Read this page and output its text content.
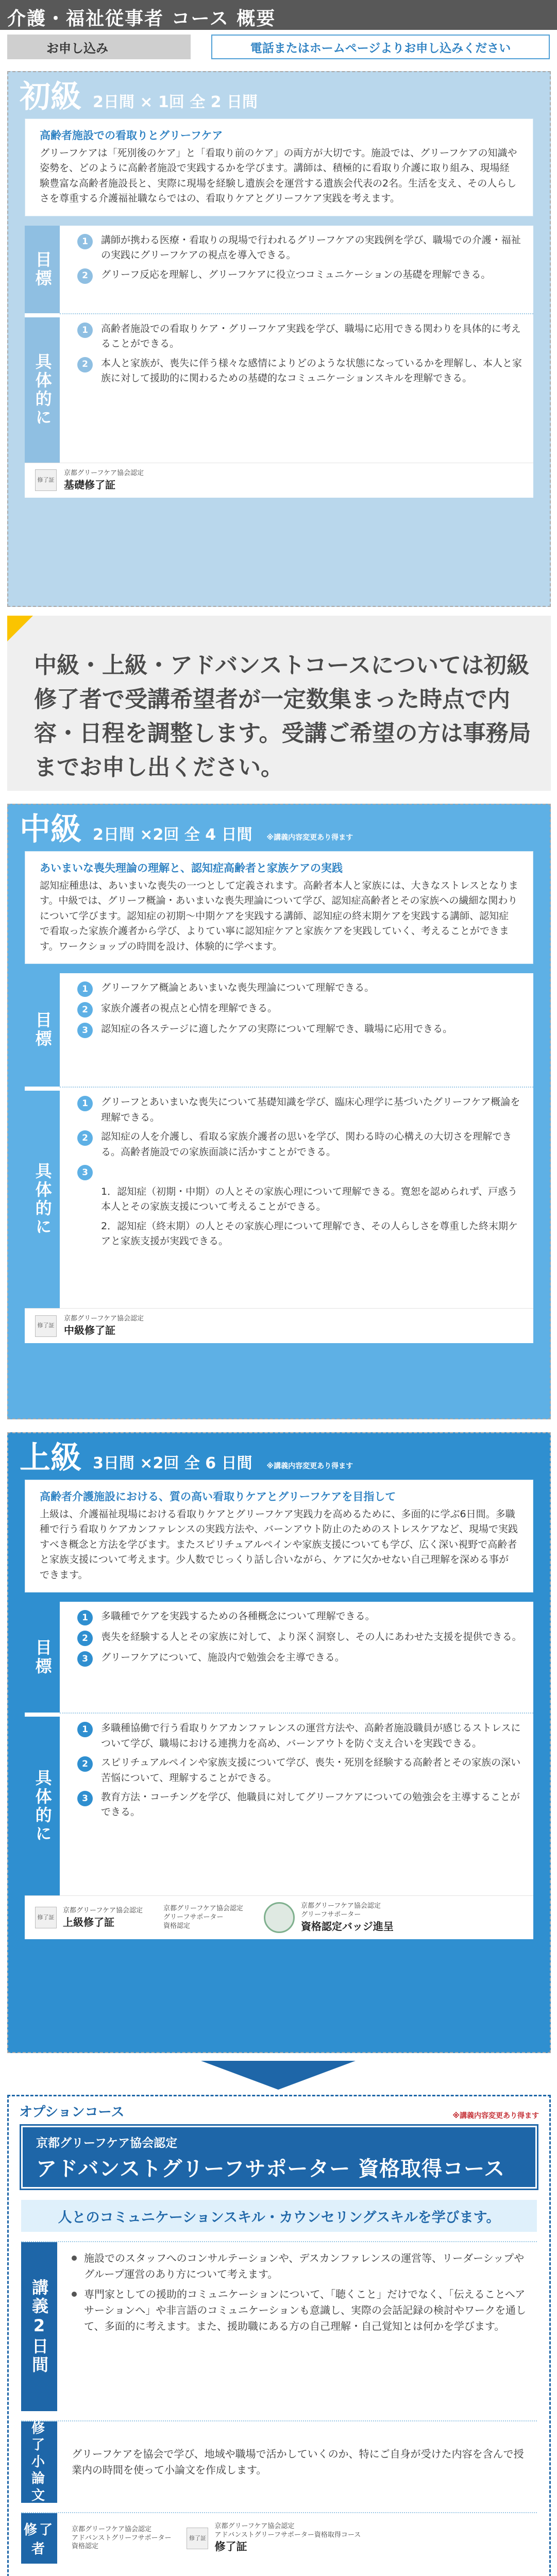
介護・福祉従事者 コース 概要
お申し込み	電話またはホームページよりお申し込みください
初級 2日間 × 1回 全 2 日間
高齢者施設での看取りとグリーフケア
グリーフケアは「死別後のケア」と「看取り前のケア」の両方が大切です。施設では、グリーフケアの知識や姿勢を、どのように高齢者施設で実践するかを学びます。講師は、積極的に看取り介護に取り組み、現場経験豊富な高齢者施設長と、実際に現場を経験し遺族会を運営する遺族会代表の2名。生活を支え、その人らしさを尊重する介護福祉職ならではの、看取りケアとグリーフケア実践を考えます。
目標
具体的に
1	講師が携わる医療・看取りの現場で行われるグリーフケアの実践例を学び、職場での介護・福祉の実践にグリーフケアの視点を導入できる。
2	グリーフ反応を理解し、グリーフケアに役立つコミュニケーションの基礎を理解できる。
1	高齢者施設での看取りケア・グリーフケア実践を学び、職場に応用できる関わりを具体的に考えることができる。
2	本人と家族が、喪失に伴う様々な感情によりどのような状態になっているかを理解し、本人と家族に対して援助的に関わるための基礎的なコミュニケーションスキルを理解できる。
修了証
京都グリーフケア協会認定
基礎修了証
中級・上級・アドバンストコースについては初級修了者で受講希望者が一定数集まった時点で内容・日程を調整します。受講ご希望の方は事務局までお申し出ください。
中級 2日間 ×2回 全 4 日間 ※講義内容変更あり得ます
あいまいな喪失理論の理解と、認知症高齢者と家族ケアの実践
認知症種患は、あいまいな喪失の一つとして定義されます。高齢者本人と家族には、大きなストレスとなります。中級では、グリーフ概論・あいまいな喪失理論について学び、認知症高齢者とその家族への繊細な関わりについて学びます。認知症の初期〜中期ケアを実践する講師、認知症の終末期ケアを実践する講師、認知症で看取った家族介護者から学び、よりてい寧に認知症ケアと家族ケアを実践していく、考えることができます。ワークショップの時間を設け、体験的に学べます。
目標
具体的に
1	グリーフケア概論とあいまいな喪失理論について理解できる。
2	家族介護者の視点と心情を理解できる。
3	認知症の各ステージに適したケアの実際について理解でき、職場に応用できる。
1	グリーフとあいまいな喪失について基礎知識を学び、臨床心理学に基づいたグリーフケア概論を理解できる。
2	認知症の人を介護し、看取る家族介護者の思いを学び、関わる時の心構えの大切さを理解できる。高齢者施設での家族面談に活かすことができる。
3
1．認知症（初期・中期）の人とその家族心理について理解できる。寛恕を認められず、戸惑う本人とその家族支援について考えることができる。
2．認知症（終末期）の人とその家族心理について理解でき、その人らしさを尊重した終末期ケアと家族支援が実践できる。
修了証
京都グリーフケア協会認定
中級修了証
上級 3日間 ×2回 全 6 日間 ※講義内容変更あり得ます
高齢者介護施設における、質の高い看取りケアとグリーフケアを目指して
上級は、介護福祉現場における看取りケアとグリーフケア実践力を高めるために、多面的に学ぶ6日間。多職種で行う看取りケアカンファレンスの実践方法や、バーンアウト防止のためのストレスケアなど、現場で実践すべき概念と方法を学びます。またスピリチュアルペインや家族支援についても学び、広く深い視野で高齢者と家族支援について考えます。少人数でじっくり話し合いながら、ケアに欠かせない自己理解を深める事ができます。
目標
具体的に
1	多職種でケアを実践するための各種概念について理解できる。
2	喪失を経験する人とその家族に対して、より深く洞察し、その人にあわせた支援を提供できる。
3	グリーフケアについて、施設内で勉強会を主導できる。
1	多職種協働で行う看取りケアカンファレンスの運営方法や、高齢者施設職員が感じるストレスについて学び、職場における連携力を高め、バーンアウトを防ぐ支え合いを実践できる。
2	スピリチュアルペインや家族支援について学び、喪失・死別を経験する高齢者とその家族の深い苦悩について、理解することができる。
3	教育方法・コーチングを学び、他職員に対してグリーフケアについての勉強会を主導することができる。
修了証
京都グリーフケア協会認定
上級修了証
京都グリーフケア協会認定
グリーフサポーター
資格認定
京都グリーフケア協会認定
グリーフサポーター
資格認定バッジ進呈
オプションコース	※講義内容変更あり得ます
京都グリーフケア協会認定
アドバンストグリーフサポーター 資格取得コース
人とのコミュニケーションスキル・カウンセリングスキルを学びます。
講義2日間
施設でのスタッフへのコンサルテーションや、デスカンファレンスの運営等、リーダーシップやグループ運営のあり方について考えます。
専門家としての援助的コミュニケーションについて、「聴くこと」だけでなく、「伝えることへアサーションへ」や非言語のコミュニケーションも意識し、実際の会話記録の検討やワークを通して、多面的に考えます。また、援助職にある方の自己理解・自己覚知とは何かを学びます。
修了小論文
グリーフケアを協会で学び、地域や職場で活かしていくのか、特にご自身が受けた内容を含んで授業内の時間を使って小論文を作成します。
修了者
京都グリーフケア協会認定
アドバンストグリーフサポーター
資格認定
修了証
京都グリーフケア協会認定
アドバンストグリーフサポーター資格取得コース
修了証
